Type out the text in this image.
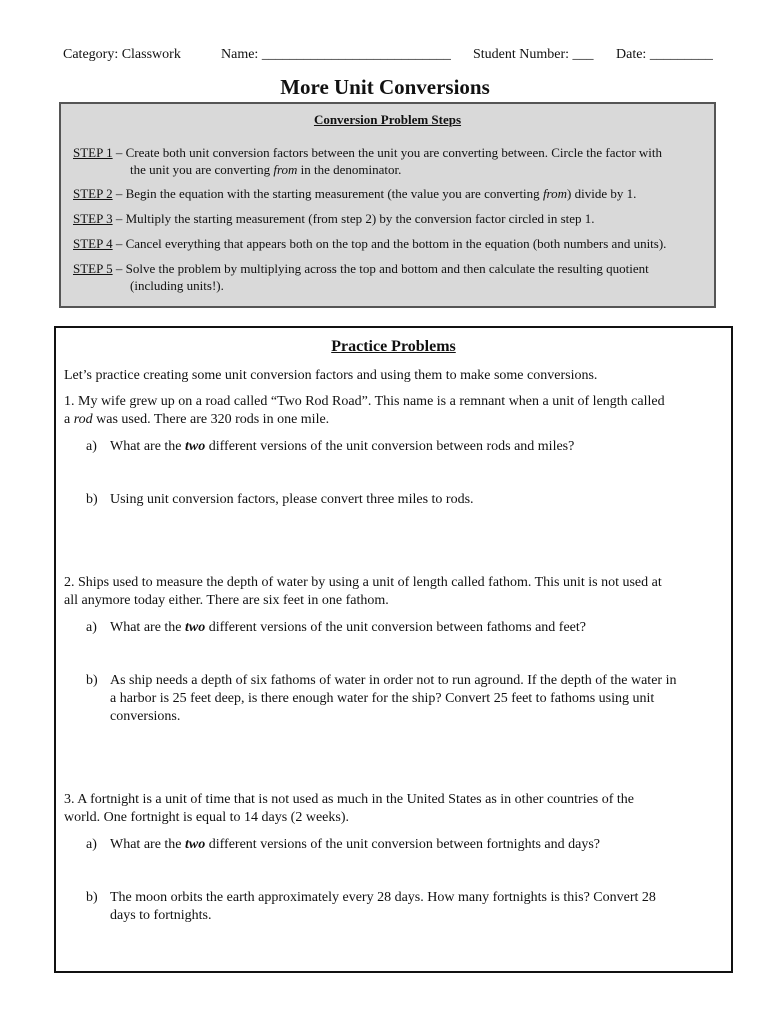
Category: Classwork	Name: ___________________________ Student Number: ___ Date: _________
More Unit Conversions
Conversion Problem Steps
STEP 1 – Create both unit conversion factors between the unit you are converting between. Circle the factor with
the unit you are converting from in the denominator.
STEP 2 – Begin the equation with the starting measurement (the value you are converting from) divide by 1.
STEP 3 – Multiply the starting measurement (from step 2) by the conversion factor circled in step 1.
STEP 4 – Cancel everything that appears both on the top and the bottom in the equation (both numbers and units).
STEP 5 – Solve the problem by multiplying across the top and bottom and then calculate the resulting quotient
(including units!).
Practice Problems
Let’s practice creating some unit conversion factors and using them to make some conversions.
1. My wife grew up on a road called “Two Rod Road”. This name is a remnant when a unit of length called
a rod was used. There are 320 rods in one mile.
a) What are the two different versions of the unit conversion between rods and miles?
b) Using unit conversion factors, please convert three miles to rods.
2. Ships used to measure the depth of water by using a unit of length called fathom. This unit is not used at
all anymore today either. There are six feet in one fathom.
a) What are the two different versions of the unit conversion between fathoms and feet?
b) As ship needs a depth of six fathoms of water in order not to run aground. If the depth of the water in
a harbor is 25 feet deep, is there enough water for the ship? Convert 25 feet to fathoms using unit
conversions.
3. A fortnight is a unit of time that is not used as much in the United States as in other countries of the
world. One fortnight is equal to 14 days (2 weeks).
a) What are the two different versions of the unit conversion between fortnights and days?
b) The moon orbits the earth approximately every 28 days. How many fortnights is this? Convert 28
days to fortnights.
